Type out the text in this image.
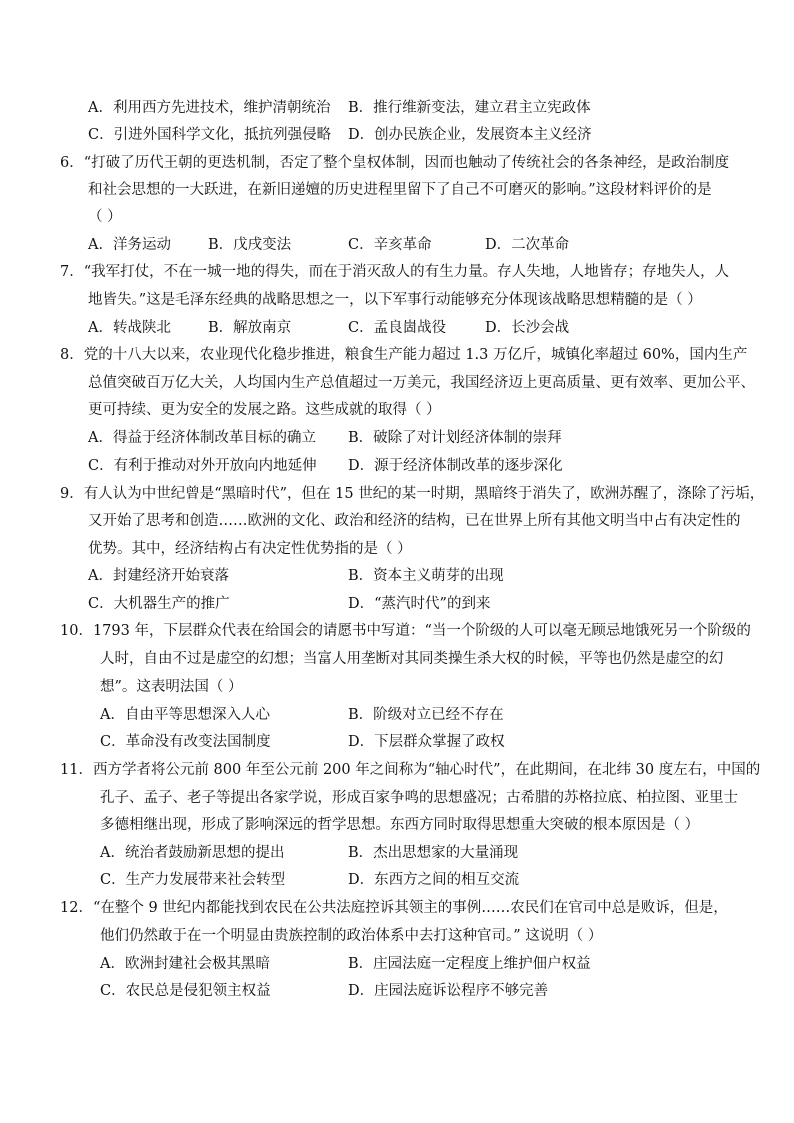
A．利用西方先进技术，维护清朝统治 B．推行维新变法，建立君主立宪政体
C．引进外国科学文化，抵抗列强侵略 D．创办民族企业，发展资本主义经济
6．“打破了历代王朝的更迭机制，否定了整个皇权体制，因而也触动了传统社会的各条神经，是政治制度
和社会思想的一大跃进，在新旧递嬗的历史进程里留下了自己不可磨灭的影响。”这段材料评价的是
（ ）
A．洋务运动	B．戊戌变法	C．辛亥革命	D．二次革命
7．“我军打仗，不在一城一地的得失，而在于消灭敌人的有生力量。存人失地，人地皆存；存地失人，人
地皆失。”这是毛泽东经典的战略思想之一，以下军事行动能够充分体现该战略思想精髓的是（ ）
A．转战陕北	B．解放南京	C．孟良崮战役	D．长沙会战
8．党的十八大以来，农业现代化稳步推进，粮食生产能力超过 1.3 万亿斤，城镇化率超过 60%，国内生产
总值突破百万亿大关，人均国内生产总值超过一万美元，我国经济迈上更高质量、更有效率、更加公平、
更可持续、更为安全的发展之路。这些成就的取得（ ）
A．得益于经济体制改革目标的确立 B．破除了对计划经济体制的崇拜
C．有利于推动对外开放向内地延伸 D．源于经济体制改革的逐步深化
9．有人认为中世纪曾是“黑暗时代”，但在 15 世纪的某一时期，黑暗终于消失了，欧洲苏醒了，涤除了污垢，
又开始了思考和创造……欧洲的文化、政治和经济的结构，已在世界上所有其他文明当中占有决定性的
优势。其中，经济结构占有决定性优势指的是（ ）
A．封建经济开始衰落	B．资本主义萌芽的出现
C．大机器生产的推广	D．“蒸汽时代”的到来
10．1793 年，下层群众代表在给国会的请愿书中写道：“当一个阶级的人可以毫无顾忌地饿死另一个阶级的
人时，自由不过是虚空的幻想；当富人用垄断对其同类操生杀大权的时候，平等也仍然是虚空的幻
想”。这表明法国（ ）
A．自由平等思想深入人心	B．阶级对立已经不存在
C．革命没有改变法国制度	D．下层群众掌握了政权
11．西方学者将公元前 800 年至公元前 200 年之间称为“轴心时代”，在此期间，在北纬 30 度左右，中国的
孔子、孟子、老子等提出各家学说，形成百家争鸣的思想盛况；古希腊的苏格拉底、柏拉图、亚里士
多德相继出现，形成了影响深远的哲学思想。东西方同时取得思想重大突破的根本原因是（ ）
A．统治者鼓励新思想的提出	B．杰出思想家的大量涌现
C．生产力发展带来社会转型	D．东西方之间的相互交流
12．“在整个 9 世纪内都能找到农民在公共法庭控诉其领主的事例……农民们在官司中总是败诉，但是，
他们仍然敢于在一个明显由贵族控制的政治体系中去打这种官司。” 这说明（ ）
A．欧洲封建社会极其黑暗	B．庄园法庭一定程度上维护佃户权益
C．农民总是侵犯领主权益	D．庄园法庭诉讼程序不够完善
